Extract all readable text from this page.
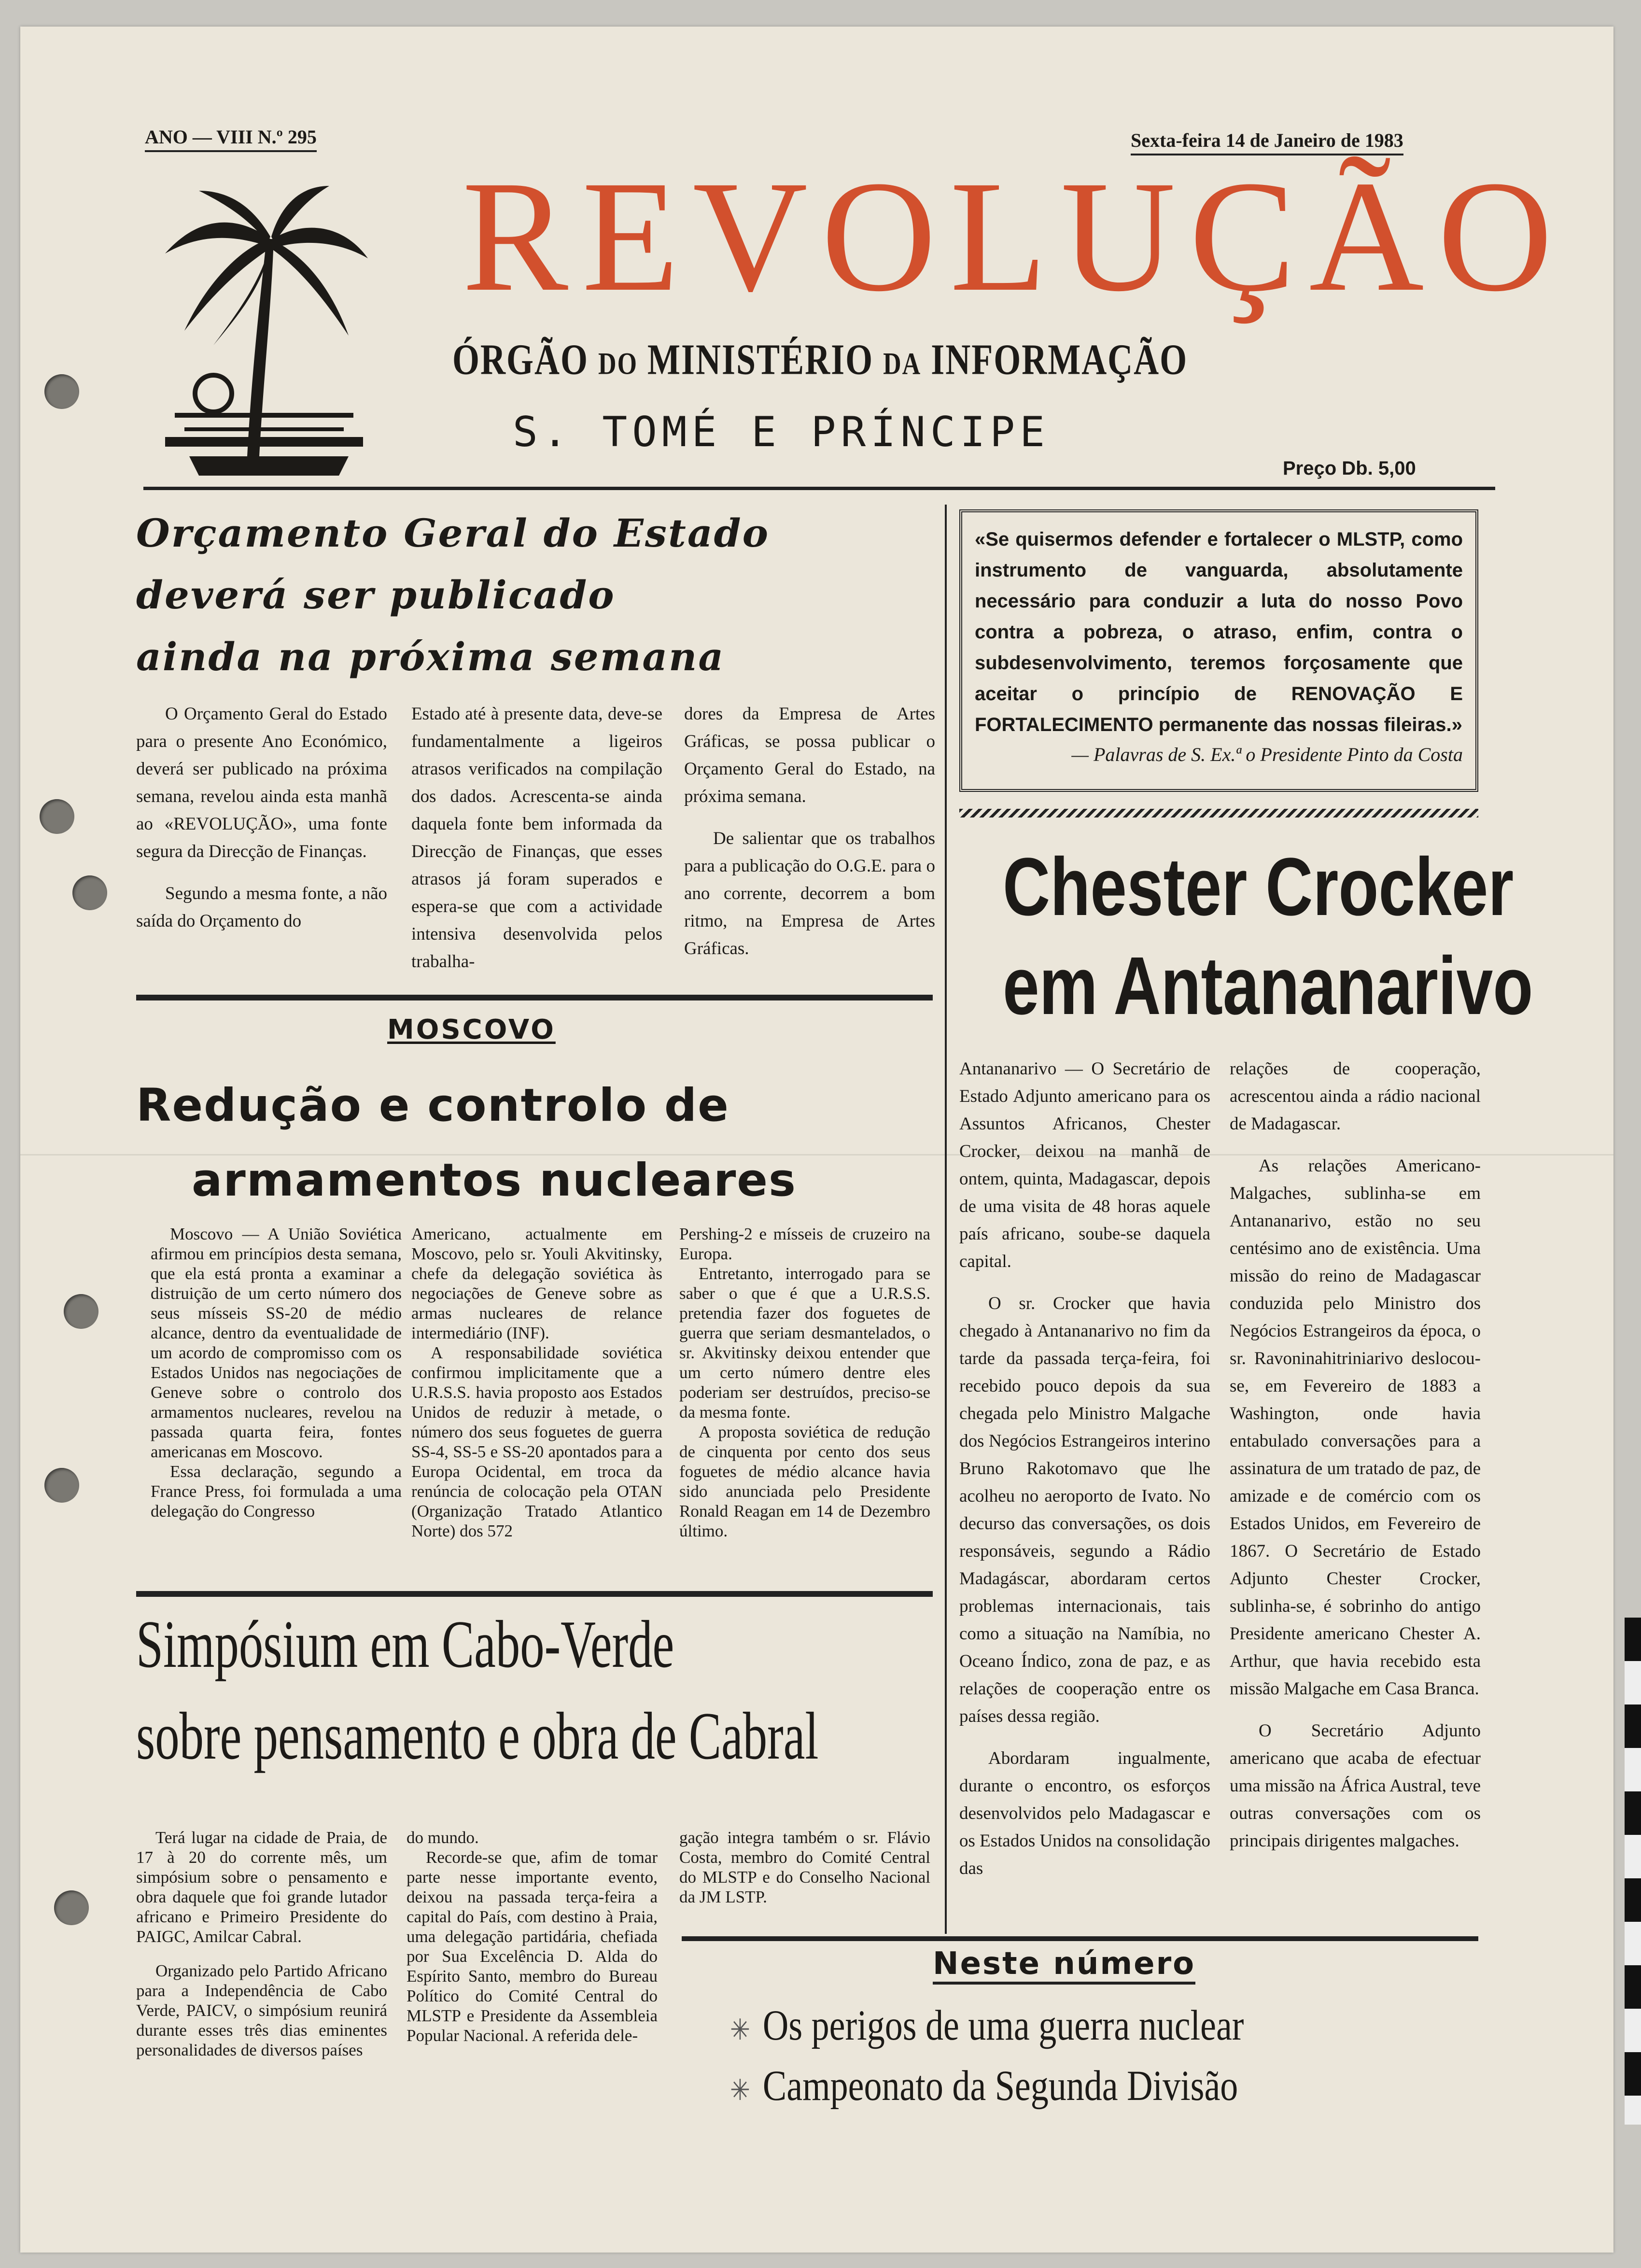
ANO — VIII N.º 295	Sexta-feira 14 de Janeiro de 1983
REVOLUÇÃO
ÓRGÃO DO MINISTÉRIO DA INFORMAÇÃO
S. TOMÉ E PRÍNCIPE
Preço Db. 5,00
Orçamento Geral do Estado
deverá ser publicado
ainda na próxima semana

O Orçamento Geral do Estado para o presente Ano Económico, deverá ser publicado na próxima semana, revelou ainda esta manhã ao «REVOLUÇÃO», uma fonte segura da Direcção de Finanças.

Segundo a mesma fonte, a não saída do Orçamento do

Estado até à presente data, deve-se fundamentalmente a ligeiros atrasos verificados na compilação dos dados. Acrescenta-se ainda daquela fonte bem informada da Direcção de Finanças, que esses atrasos já foram superados e espera-se que com a actividade intensiva desenvolvida pelos trabalha-

dores da Empresa de Artes Gráficas, se possa publicar o Orçamento Geral do Estado, na próxima semana.

De salientar que os trabalhos para a publicação do O.G.E. para o ano corrente, decorrem a bom ritmo, na Empresa de Artes Gráficas.

«Se quisermos defender e fortalecer o MLSTP, como instrumento de vanguarda, absolutamente necessário para conduzir a luta do nosso Povo contra a pobreza, o atraso, enfim, contra o subdesenvolvimento, teremos forçosamente que aceitar o princípio de RENOVAÇÃO E FORTALECIMENTO permanente das nossas fileiras.»
— Palavras de S. Ex.ª o Presidente Pinto da Costa
Chester Crocker
em Antananarivo

Antananarivo — O Secretário de Estado Adjunto americano para os Assuntos Africanos, Chester Crocker, deixou na manhã de ontem, quinta, Madagascar, depois de uma visita de 48 horas aquele país africano, soube-se daquela capital.

O sr. Crocker que havia chegado à Antananarivo no fim da tarde da passada terça-feira, foi recebido pouco depois da sua chegada pelo Ministro Malgache dos Negócios Estrangeiros interino Bruno Rakotomavo que lhe acolheu no aeroporto de Ivato. No decurso das conversações, os dois responsáveis, segundo a Rádio Madagáscar, abordaram certos problemas internacionais, tais como a situação na Namíbia, no Oceano Índico, zona de paz, e as relações de cooperação entre os países dessa região.

Abordaram ingualmente, durante o encontro, os esforços desenvolvidos pelo Madagascar e os Estados Unidos na consolidação das

relações de cooperação, acrescentou ainda a rádio nacional de Madagascar.

As relações Americano-Malgaches, sublinha-se em Antananarivo, estão no seu centésimo ano de existência. Uma missão do reino de Madagascar conduzida pelo Ministro dos Negócios Estrangeiros da época, o sr. Ravoninahitriniarivo deslocou-se, em Fevereiro de 1883 a Washington, onde havia entabulado conversações para a assinatura de um tratado de paz, de amizade e de comércio com os Estados Unidos, em Fevereiro de 1867. O Secretário de Estado Adjunto Chester Crocker, sublinha-se, é sobrinho do antigo Presidente americano Chester A. Arthur, que havia recebido esta missão Malgache em Casa Branca.

O Secretário Adjunto americano que acaba de efectuar uma missão na África Austral, teve outras conversações com os principais dirigentes malgaches.

MOSCOVO
Redução e controlo de
armamentos nucleares

Moscovo — A União Soviética afirmou em princípios desta semana, que ela está pronta a examinar a distruição de um certo número dos seus mísseis SS-20 de médio alcance, dentro da eventualidade de um acordo de compromisso com os Estados Unidos nas negociações de Geneve sobre o controlo dos armamentos nucleares, revelou na passada quarta feira, fontes americanas em Moscovo.

Essa declaração, segundo a France Press, foi formulada a uma delegação do Congresso

Americano, actualmente em Moscovo, pelo sr. Youli Akvitinsky, chefe da delegação soviética às negociações de Geneve sobre as armas nucleares de relance intermediário (INF).

A responsabilidade soviética confirmou implicitamente que a U.R.S.S. havia proposto aos Estados Unidos de reduzir à metade, o número dos seus foguetes de guerra SS-4, SS-5 e SS-20 apontados para a Europa Ocidental, em troca da renúncia de colocação pela OTAN (Organização Tratado Atlantico Norte) dos 572

Pershing-2 e mísseis de cruzeiro na Europa.

Entretanto, interrogado para se saber o que é que a U.R.S.S. pretendia fazer dos foguetes de guerra que seriam desmantelados, o sr. Akvitinsky deixou entender que um certo número dentre eles poderiam ser destruídos, preciso-se da mesma fonte.

A proposta soviética de redução de cinquenta por cento dos seus foguetes de médio alcance havia sido anunciada pelo Presidente Ronald Reagan em 14 de Dezembro último.

Simpósium em Cabo-Verde
sobre pensamento e obra de Cabral

Terá lugar na cidade de Praia, de 17 à 20 do corrente mês, um simpósium sobre o pensamento e obra daquele que foi grande lutador africano e Primeiro Presidente do PAIGC, Amilcar Cabral.

Organizado pelo Partido Africano para a Independência de Cabo Verde, PAICV, o simpósium reunirá durante esses três dias eminentes personalidades de diversos países

do mundo.

Recorde-se que, afim de tomar parte nesse importante evento, deixou na passada terça-feira a capital do País, com destino à Praia, uma delegação partidária, chefiada por Sua Excelência D. Alda do Espírito Santo, membro do Bureau Político do Comité Central do MLSTP e Presidente da Assembleia Popular Nacional. A referida dele-

gação integra também o sr. Flávio Costa, membro do Comité Central do MLSTP e do Conselho Nacional da JM LSTP.

Neste número
✳ Os perigos de uma guerra nuclear
✳ Campeonato da Segunda Divisão
